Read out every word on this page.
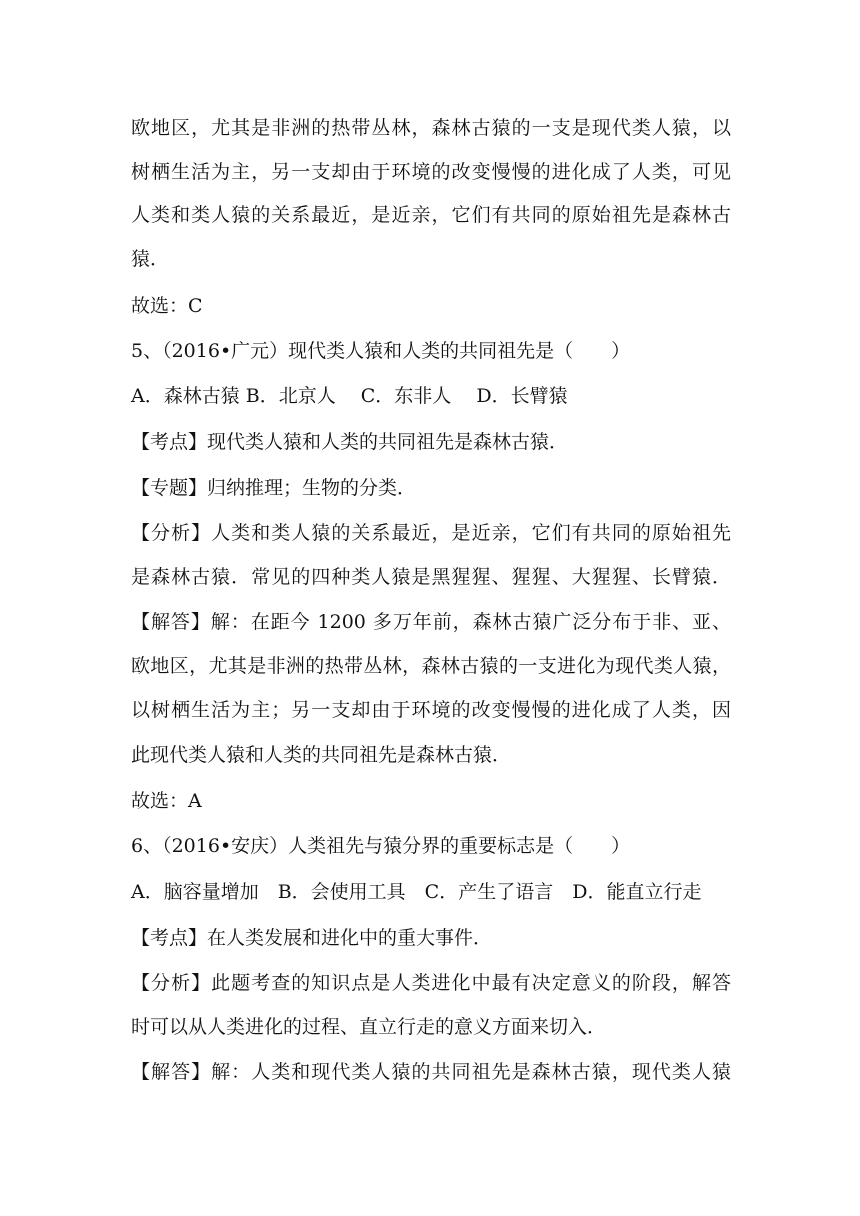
欧地区，尤其是非洲的热带丛林，森林古猿的一支是现代类人猿，以
树栖生活为主，另一支却由于环境的改变慢慢的进化成了人类，可见
人类和类人猿的关系最近，是近亲，它们有共同的原始祖先是森林古
猿．
故选：C
5、（2016•广元）现代类人猿和人类的共同祖先是（　　）
A．森林古猿 B．北京人　 C．东非人　 D．长臂猿
【考点】现代类人猿和人类的共同祖先是森林古猿．
【专题】归纳推理；生物的分类．
【分析】人类和类人猿的关系最近，是近亲，它们有共同的原始祖先
是森林古猿．常见的四种类人猿是黑猩猩、猩猩、大猩猩、长臂猿．
【解答】解：在距今 1200 多万年前，森林古猿广泛分布于非、亚、
欧地区，尤其是非洲的热带丛林，森林古猿的一支进化为现代类人猿，
以树栖生活为主；另一支却由于环境的改变慢慢的进化成了人类，因
此现代类人猿和人类的共同祖先是森林古猿．
故选：A
6、（2016•安庆）人类祖先与猿分界的重要标志是（　　）
A．脑容量增加　B．会使用工具　C．产生了语言　D．能直立行走
【考点】在人类发展和进化中的重大事件．
【分析】此题考查的知识点是人类进化中最有决定意义的阶段，解答
时可以从人类进化的过程、直立行走的意义方面来切入．
【解答】解：人类和现代类人猿的共同祖先是森林古猿，现代类人猿
